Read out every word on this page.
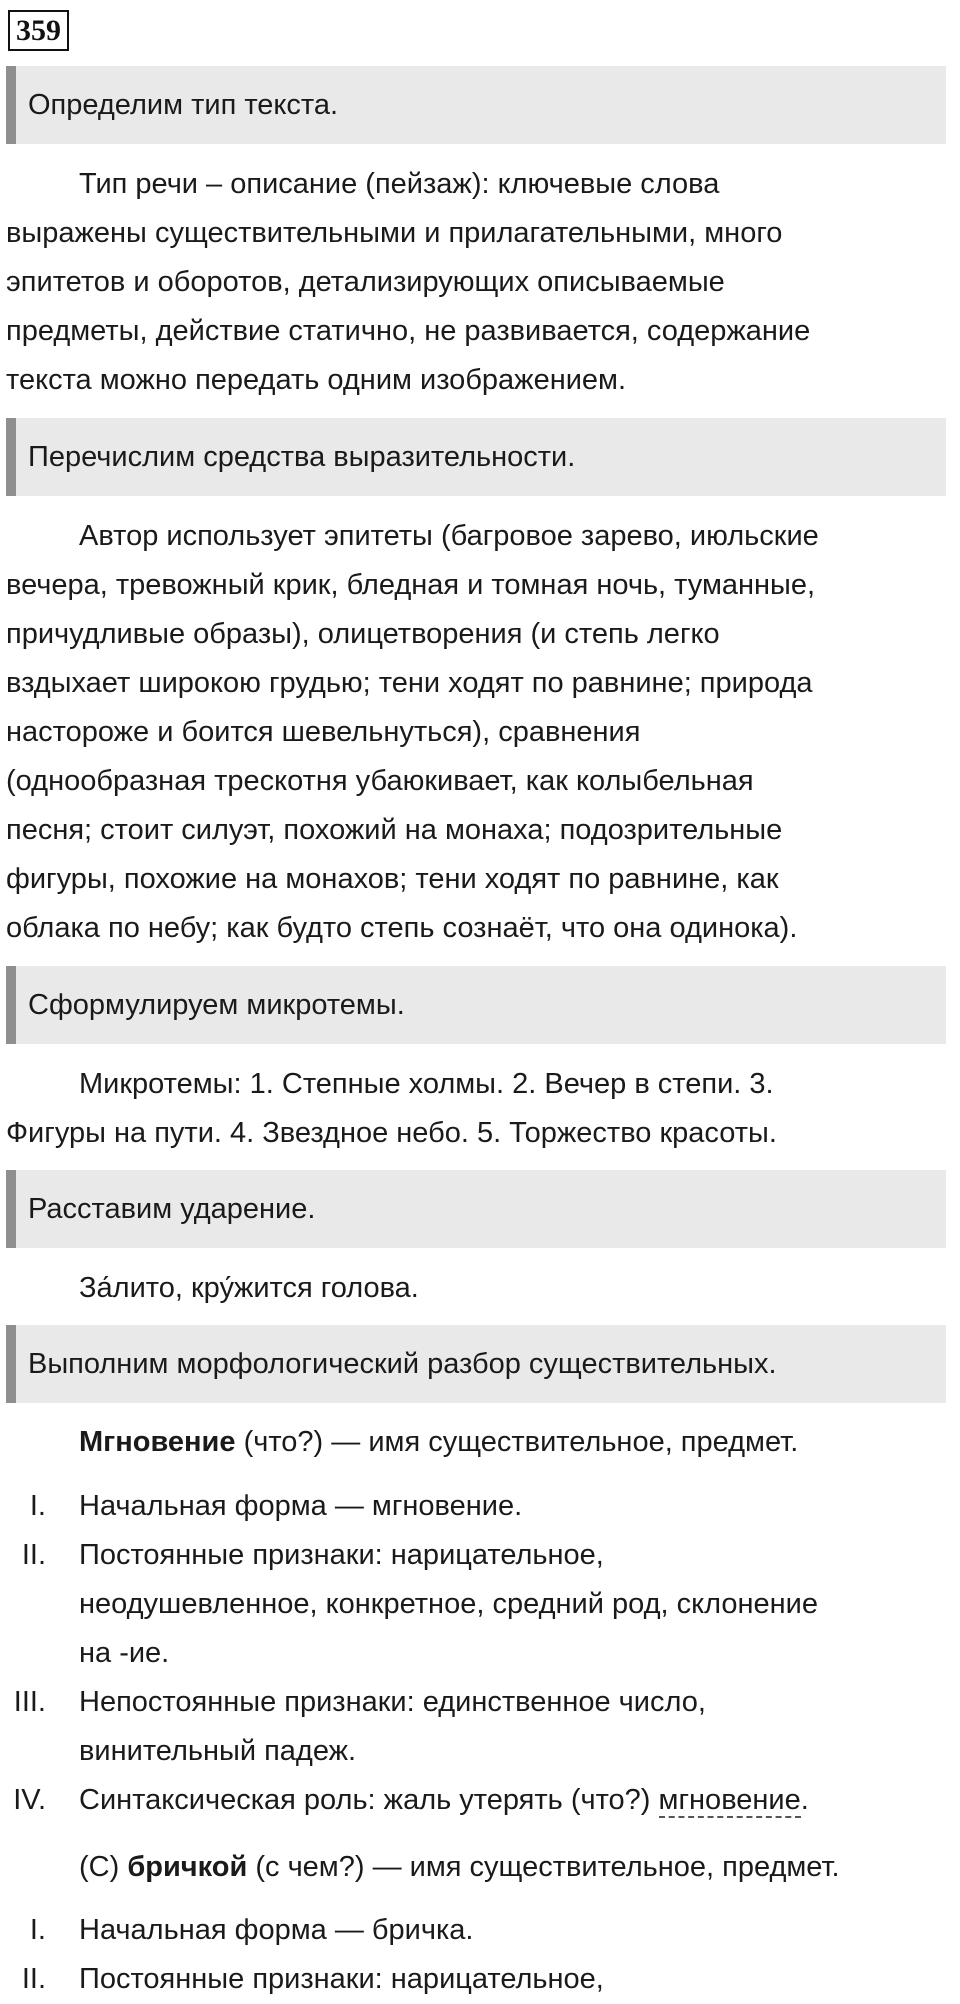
359
Определим тип текста.
Тип речи – описание (пейзаж): ключевые слова
выражены существительными и прилагательными, много
эпитетов и оборотов, детализирующих описываемые
предметы, действие статично, не развивается, содержание
текста можно передать одним изображением.
Перечислим средства выразительности.
Автор использует эпитеты (багровое зарево, июльские
вечера, тревожный крик, бледная и томная ночь, туманные,
причудливые образы), олицетворения (и степь легко
вздыхает широкою грудью; тени ходят по равнине; природа
настороже и боится шевельнуться), сравнения
(однообразная трескотня убаюкивает, как колыбельная
песня; стоит силуэт, похожий на монаха; подозрительные
фигуры, похожие на монахов; тени ходят по равнине, как
облака по небу; как будто степь сознаёт, что она одинока).
Сформулируем микротемы.
Микротемы: 1. Степные холмы. 2. Вечер в степи. 3.
Фигуры на пути. 4. Звездное небо. 5. Торжество красоты.
Расставим ударение.
За́лито, кру́жится голова.
Выполним морфологический разбор существительных.
Мгновение (что?) — имя существительное, предмет.
I.	Начальная форма — мгновение.
II.	Постоянные признаки: нарицательное,
неодушевленное, конкретное, средний род, склонение
на -ие.
III.	Непостоянные признаки: единственное число,
винительный падеж.
IV.	Синтаксическая роль: жаль утерять (что?) мгновение.
(С) бричкой (с чем?) — имя существительное, предмет.
I.	Начальная форма — бричка.
II.	Постоянные признаки: нарицательное,
